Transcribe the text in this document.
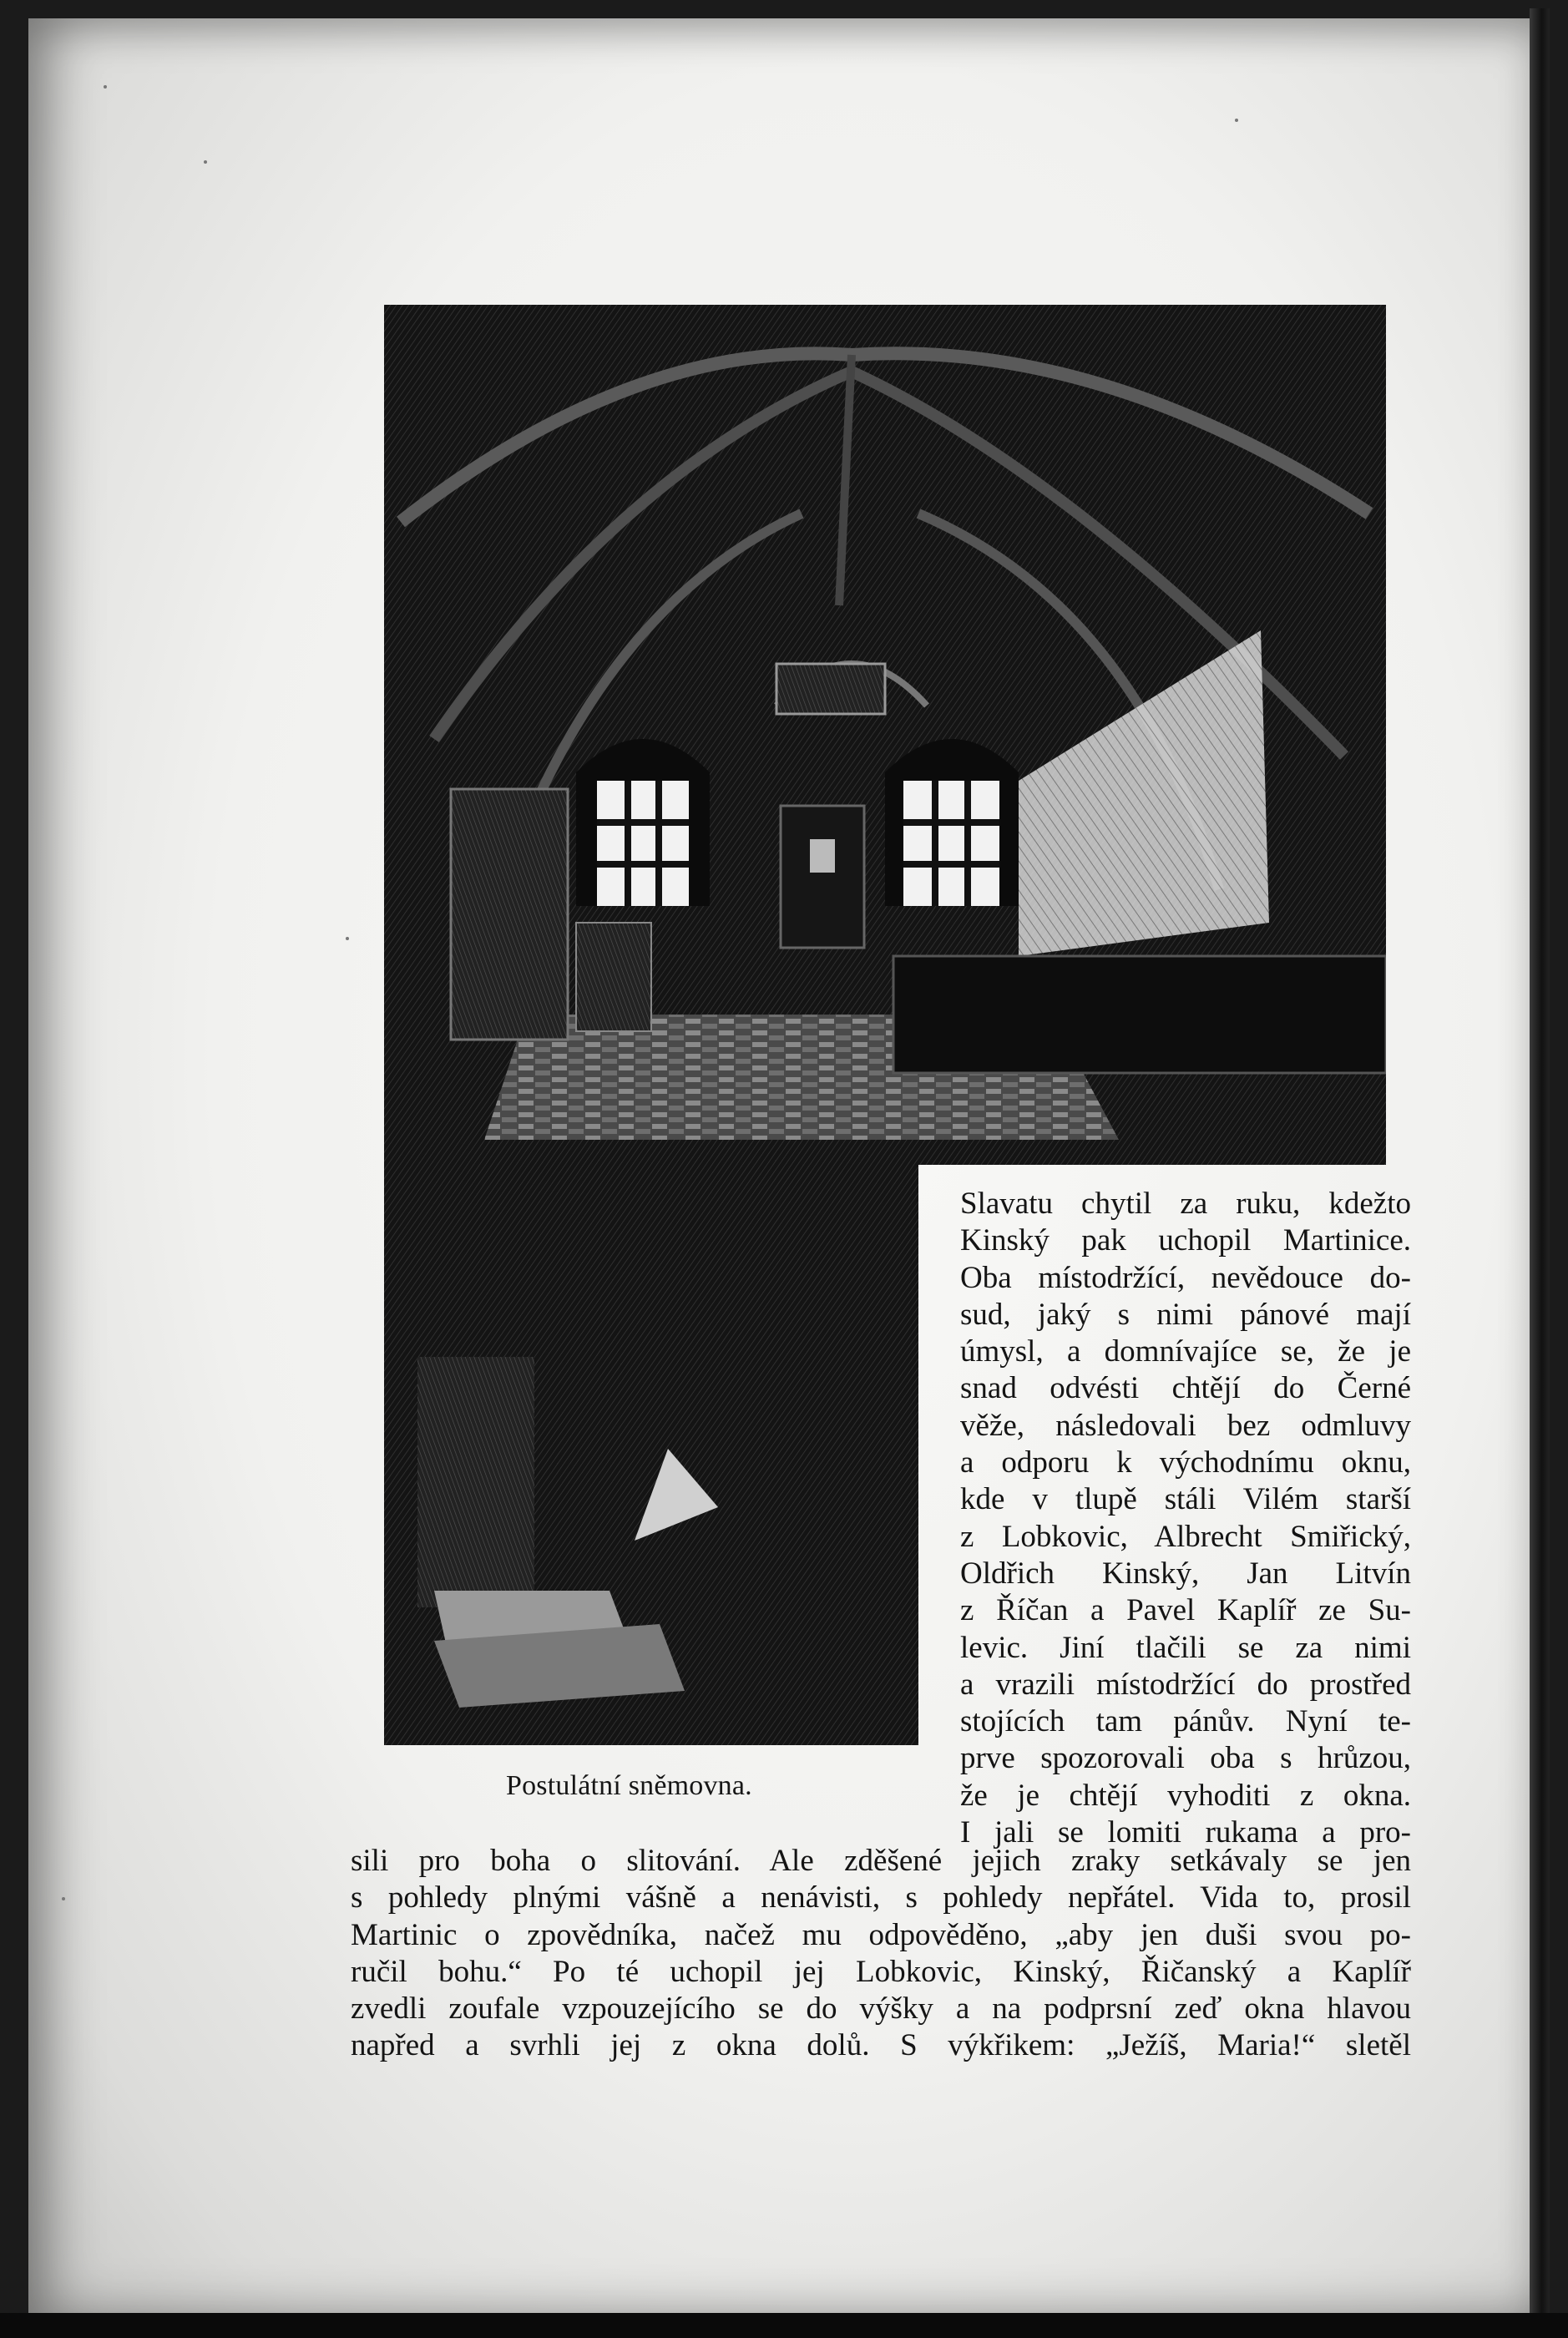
Postulátní sněmovna.
Slavatu chytil za ruku, kdežto
Kinský pak uchopil Martinice.
Oba místodržící, nevědouce do-
sud, jaký s nimi pánové mají
úmysl, a domnívajíce se, že je
snad odvésti chtějí do Černé
věže, následovali bez odmluvy
a odporu k východnímu oknu,
kde v tlupě stáli Vilém starší
z Lobkovic, Albrecht Smiřický,
Oldřich Kinský, Jan Litvín
z Říčan a Pavel Kaplíř ze Su-
levic. Jiní tlačili se za nimi
a vrazili místodržící do prostřed
stojících tam pánův. Nyní te-
prve spozorovali oba s hrůzou,
že je chtějí vyhoditi z okna.
I jali se lomiti rukama a pro-
sili pro boha o slitování. Ale zděšené jejich zraky setkávaly se jen
s pohledy plnými vášně a nenávisti, s pohledy nepřátel. Vida to, prosil
Martinic o zpovědníka, načež mu odpověděno, „aby jen duši svou po-
ručil bohu.“ Po té uchopil jej Lobkovic, Kinský, Řičanský a Kaplíř
zvedli zoufale vzpouzejícího se do výšky a na podprsní zeď okna hlavou
napřed a svrhli jej z okna dolů. S výkřikem: „Ježíš, Maria!“ sletěl
